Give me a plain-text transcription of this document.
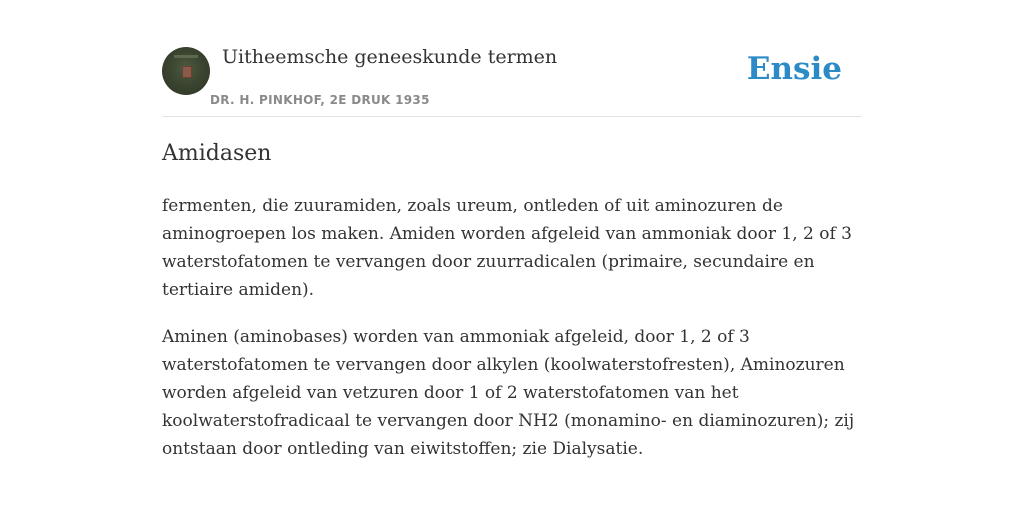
Uitheemsche geneeskunde termen
DR. H. PINKHOF, 2E DRUK 1935
Ensie
Amidasen

fermenten, die zuuramiden, zoals ureum, ontleden of uit aminozuren de
aminogroepen los maken. Amiden worden afgeleid van ammoniak door 1, 2 of 3
waterstofatomen te vervangen door zuurradicalen (primaire, secundaire en
tertiaire amiden).

Aminen (aminobases) worden van ammoniak afgeleid, door 1, 2 of 3
waterstofatomen te vervangen door alkylen (koolwaterstofresten), Aminozuren
worden afgeleid van vetzuren door 1 of 2 waterstofatomen van het
koolwaterstofradicaal te vervangen door NH2 (monamino- en diaminozuren); zij
ontstaan door ontleding van eiwitstoffen; zie Dialysatie.
